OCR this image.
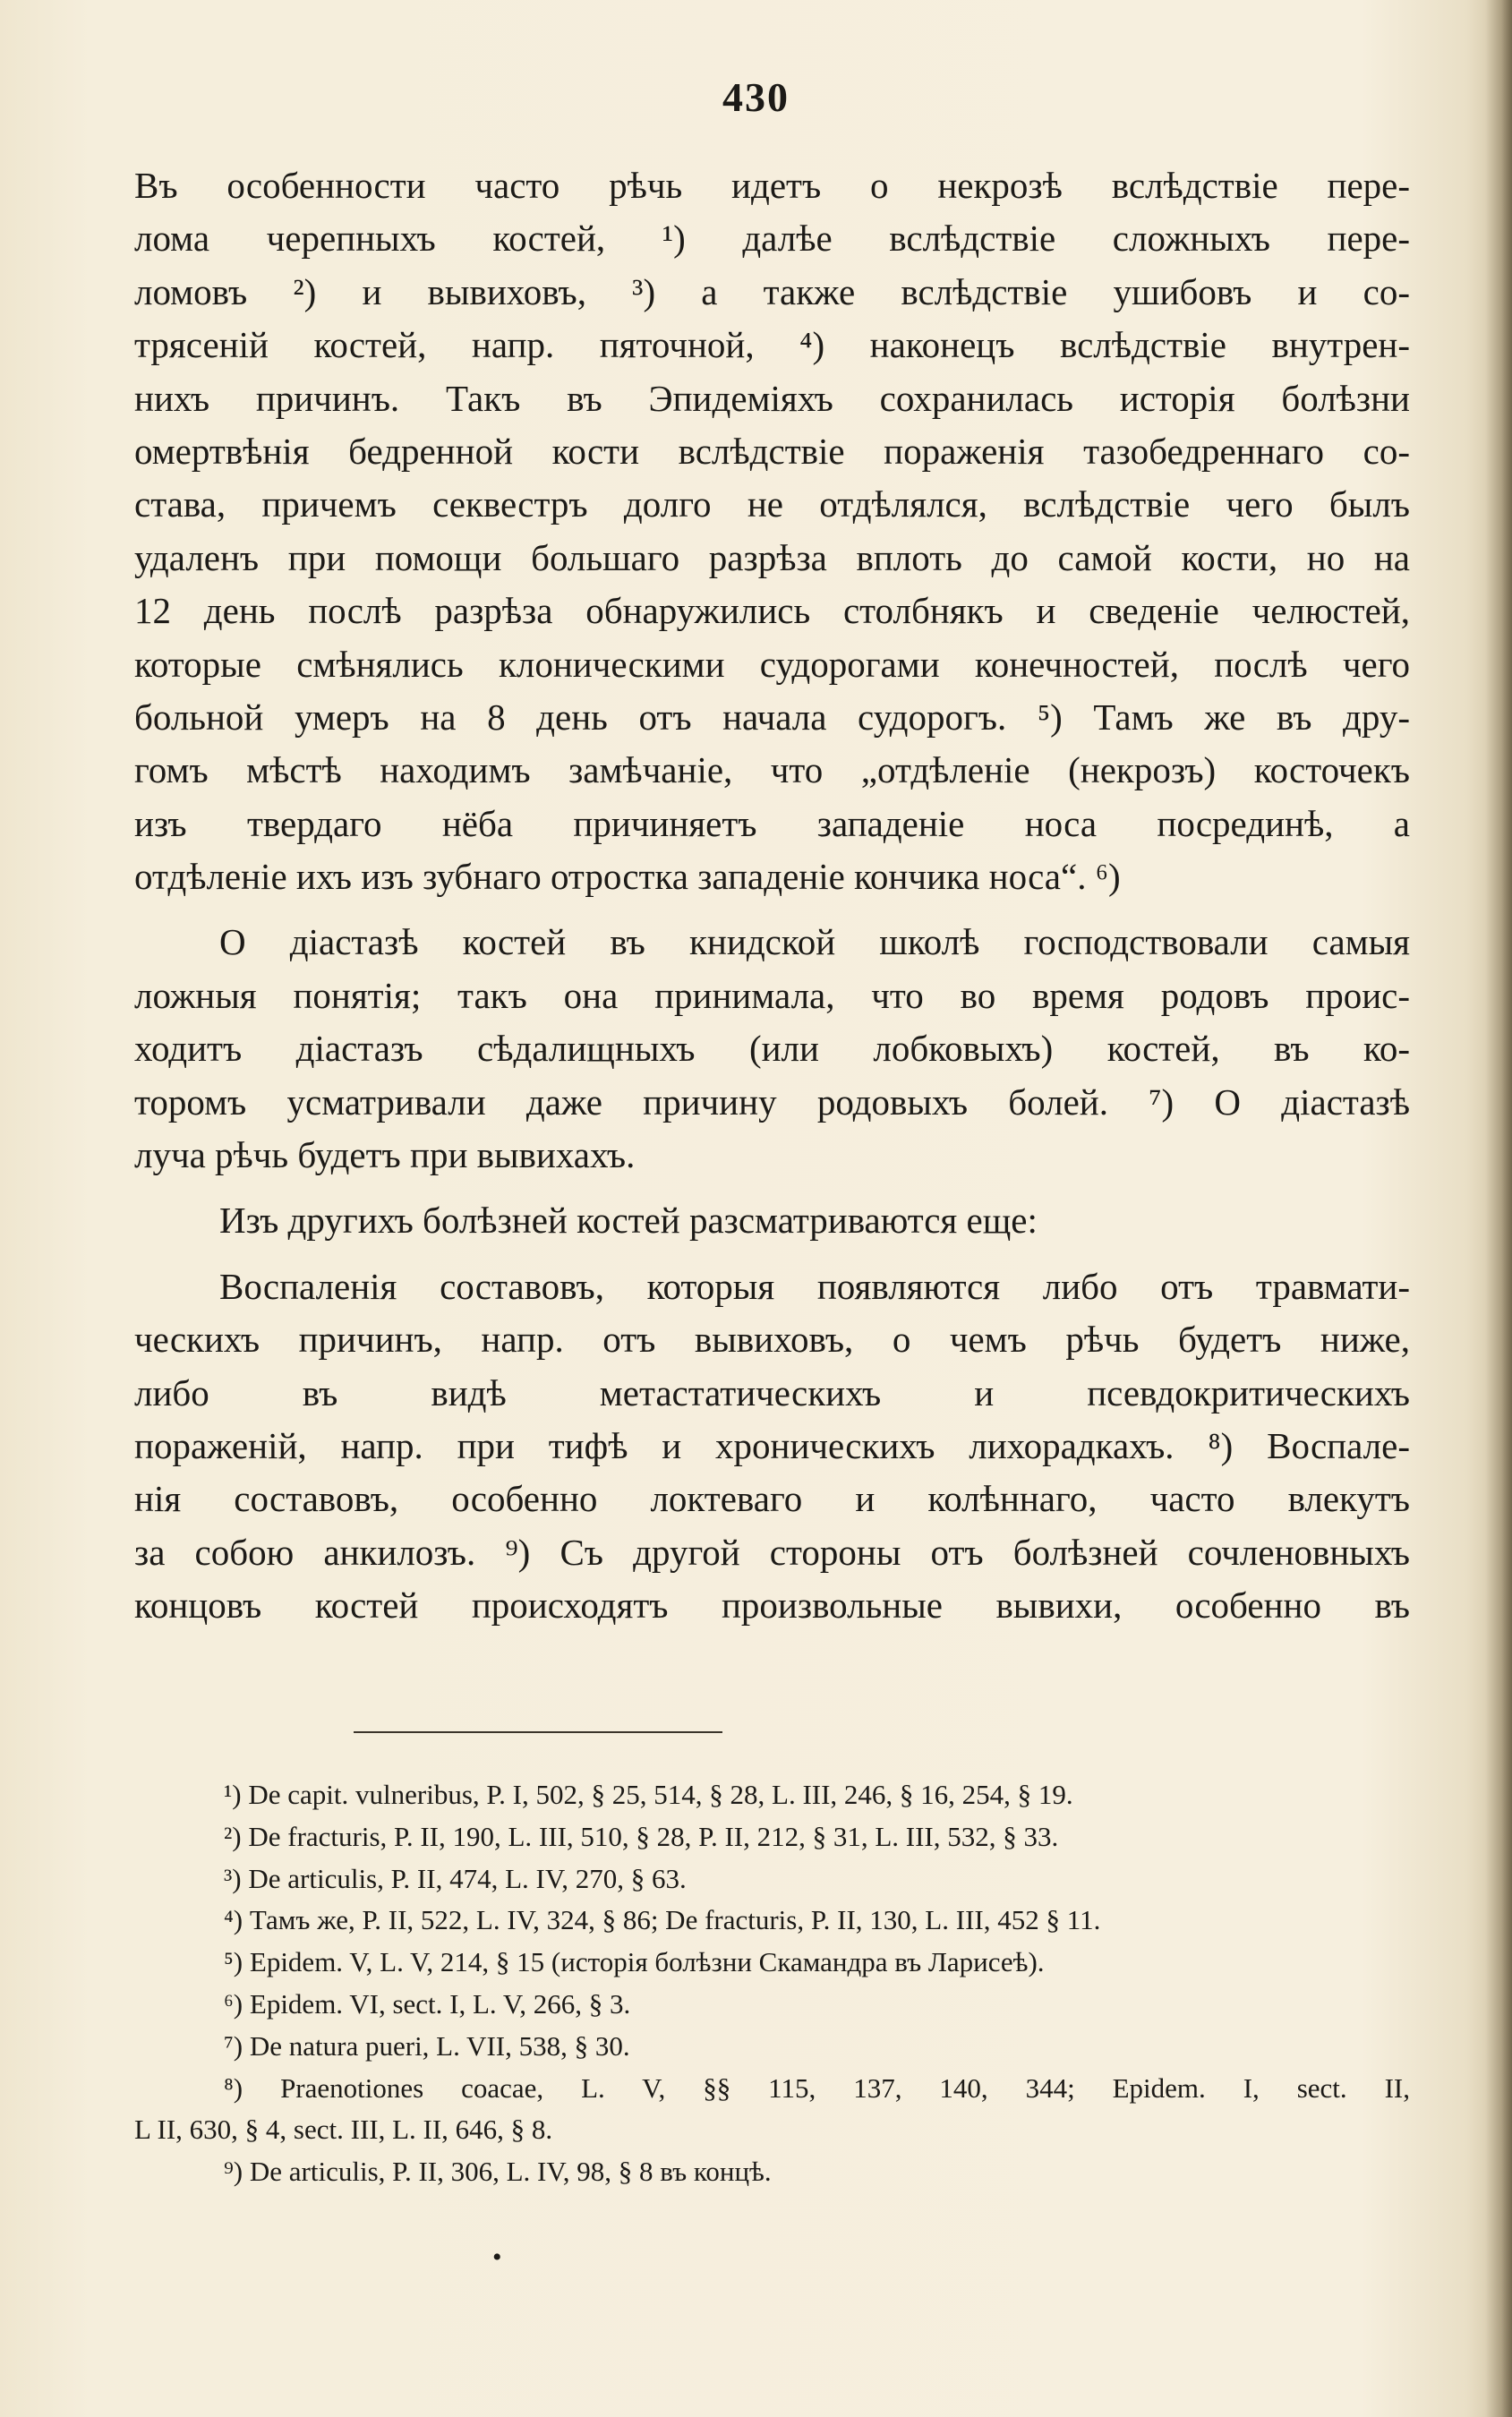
430
Въ особенности часто рѣчь идетъ о некрозѣ вслѣдствіе пере-
лома черепныхъ костей, ¹) далѣе вслѣдствіе сложныхъ пере-
ломовъ ²) и вывиховъ, ³) а также вслѣдствіе ушибовъ и со-
трясеній костей, напр. пяточной, ⁴) наконецъ вслѣдствіе внутрен-
нихъ причинъ. Такъ въ Эпидеміяхъ сохранилась исторія болѣзни
омертвѣнія бедренной кости вслѣдствіе пораженія тазобедреннаго со-
става, причемъ секвестръ долго не отдѣлялся, вслѣдствіе чего былъ
удаленъ при помощи большаго разрѣза вплоть до самой кости, но на
12 день послѣ разрѣза обнаружились столбнякъ и сведеніе челюстей,
которые смѣнялись клоническими судорогами конечностей, послѣ чего
больной умеръ на 8 день отъ начала судорогъ. ⁵) Тамъ же въ дру-
гомъ мѣстѣ находимъ замѣчаніе, что „отдѣленіе (некрозъ) косточекъ
изъ твердаго нёба причиняетъ западеніе носа посрединѣ, а
отдѣленіе ихъ изъ зубнаго отростка западеніе кончика носа“. ⁶)
О діастазѣ костей въ книдской школѣ господствовали самыя
ложныя понятія; такъ она принимала, что во время родовъ проис-
ходитъ діастазъ сѣдалищныхъ (или лобковыхъ) костей, въ ко-
торомъ усматривали даже причину родовыхъ болей. ⁷) О діастазѣ
луча рѣчь будетъ при вывихахъ.
Изъ другихъ болѣзней костей разсматриваются еще:
Воспаленія составовъ, которыя появляются либо отъ травмати-
ческихъ причинъ, напр. отъ вывиховъ, о чемъ рѣчь будетъ ниже,
либо въ видѣ метастатическихъ и псевдокритическихъ
пораженій, напр. при тифѣ и хроническихъ лихорадкахъ. ⁸) Воспале-
нія составовъ, особенно локтеваго и колѣннаго, часто влекутъ
за собою анкилозъ. ⁹) Съ другой стороны отъ болѣзней сочленовныхъ
концовъ костей происходятъ произвольные вывихи, особенно въ
¹) De capit. vulneribus, P. I, 502, § 25, 514, § 28, L. III, 246, § 16, 254, § 19.
²) De fracturis, P. II, 190, L. III, 510, § 28, P. II, 212, § 31, L. III, 532, § 33.
³) De articulis, P. II, 474, L. IV, 270, § 63.
⁴) Тамъ же, P. II, 522, L. IV, 324, § 86; De fracturis, P. II, 130, L. III, 452 § 11.
⁵) Epidem. V, L. V, 214, § 15 (исторія болѣзни Скамандра въ Ларисеѣ).
⁶) Epidem. VI, sect. I, L. V, 266, § 3.
⁷) De natura pueri, L. VII, 538, § 30.
⁸) Praenotiones coacae, L. V, §§ 115, 137, 140, 344; Epidem. I, sect. II,
L II, 630, § 4, sect. III, L. II, 646, § 8.
⁹) De articulis, P. II, 306, L. IV, 98, § 8 въ концѣ.
•
